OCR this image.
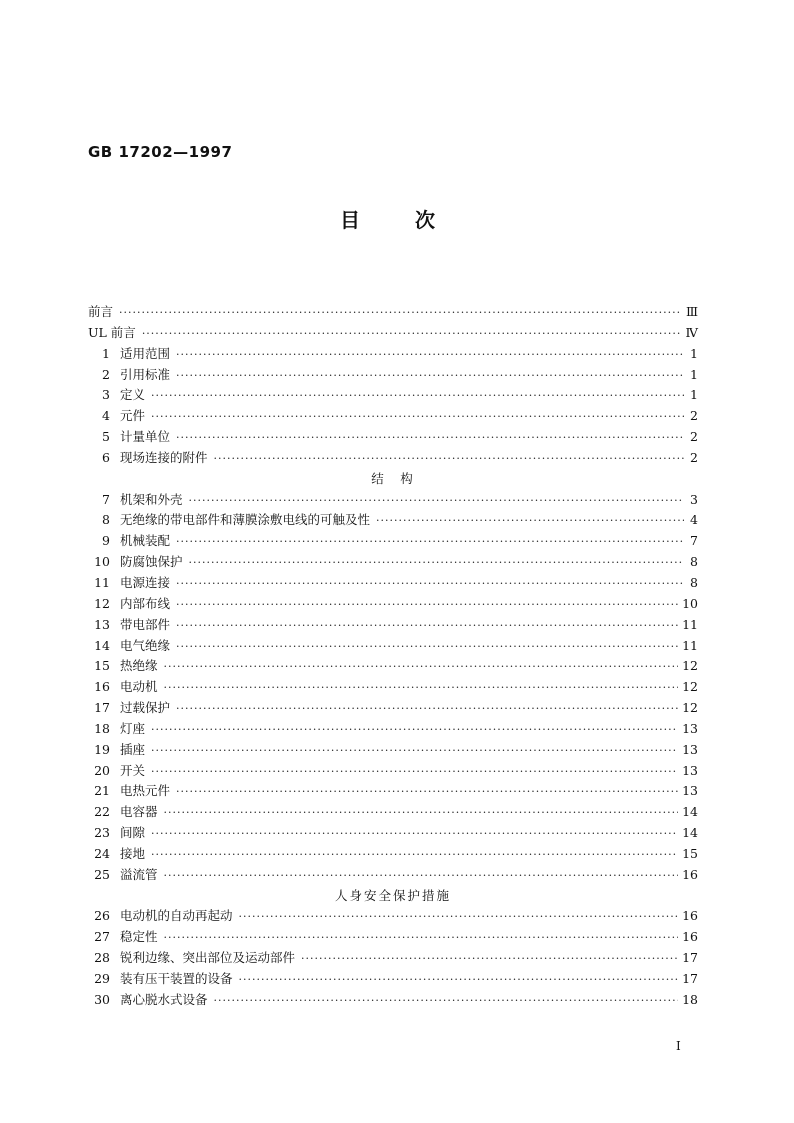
GB 17202—1997
目	次
前言 ·····	Ⅲ
UL 前言 ·····	Ⅳ
1 适用范围 ·····	1
2 引用标准 ·····	1
3 定义 ·····	1
4 元件 ·····	2
5 计量单位 ·····	2
6 现场连接的附件 ·····	2
结　构
7 机架和外壳 ·····	3
8 无绝缘的带电部件和薄膜涂敷电线的可触及性 ·····	4
9 机械装配 ·····	7
10 防腐蚀保护 ·····	8
11 电源连接 ·····	8
12 内部布线 ·····	10
13 带电部件 ·····	11
14 电气绝缘 ·····	11
15 热绝缘 ·····	12
16 电动机 ·····	12
17 过载保护 ·····	12
18 灯座 ·····	13
19 插座 ·····	13
20 开关 ·····	13
21 电热元件 ·····	13
22 电容器 ·····	14
23 间隙 ·····	14
24 接地 ·····	15
25 溢流管 ·····	16
人身安全保护措施
26 电动机的自动再起动 ·····	16
27 稳定性 ·····	16
28 锐利边缘、突出部位及运动部件 ·····	17
29 装有压干装置的设备 ·····	17
30 离心脱水式设备 ·····	18
I
